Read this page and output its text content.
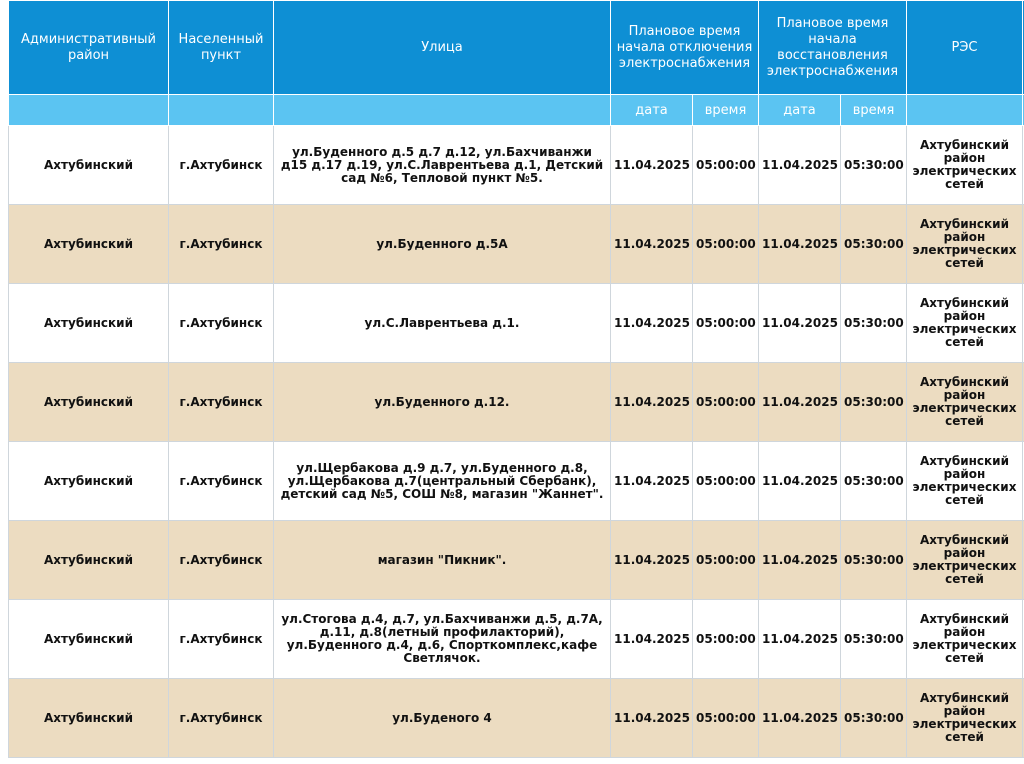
Административный район	Населенный пункт	Улица	Плановое время начала отключения электроснабжения		Плановое время начала восстановления электроснабжения		РЭС	
			дата	время	дата	время		
Ахтубинский	г.Ахтубинск	ул.Буденного д.5 д.7 д.12, ул.Бахчиванжи д15 д.17 д.19, ул.С.Лаврентьева д.1, Детский сад №6, Тепловой пункт №5.	11.04.2025	05:00:00	11.04.2025	05:30:00	Ахтубинский район электрических сетей	
Ахтубинский	г.Ахтубинск	ул.Буденного д.5А	11.04.2025	05:00:00	11.04.2025	05:30:00	Ахтубинский район электрических сетей	
Ахтубинский	г.Ахтубинск	ул.С.Лаврентьева д.1.	11.04.2025	05:00:00	11.04.2025	05:30:00	Ахтубинский район электрических сетей	
Ахтубинский	г.Ахтубинск	ул.Буденного д.12.	11.04.2025	05:00:00	11.04.2025	05:30:00	Ахтубинский район электрических сетей	
Ахтубинский	г.Ахтубинск	ул.Щербакова д.9 д.7, ул.Буденного д.8, ул.Щербакова д.7(центральный Сбербанк), детский сад №5, СОШ №8, магазин "Жаннет".	11.04.2025	05:00:00	11.04.2025	05:30:00	Ахтубинский район электрических сетей	
Ахтубинский	г.Ахтубинск	магазин "Пикник".	11.04.2025	05:00:00	11.04.2025	05:30:00	Ахтубинский район электрических сетей	
Ахтубинский	г.Ахтубинск	ул.Стогова д.4, д.7, ул.Бахчиванжи д.5, д.7А, д.11, д.8(летный профилакторий), ул.Буденного д.4, д.6, Спорткомплекс,кафе Светлячок.	11.04.2025	05:00:00	11.04.2025	05:30:00	Ахтубинский район электрических сетей	
Ахтубинский	г.Ахтубинск	ул.Буденого 4	11.04.2025	05:00:00	11.04.2025	05:30:00	Ахтубинский район электрических сетей	
